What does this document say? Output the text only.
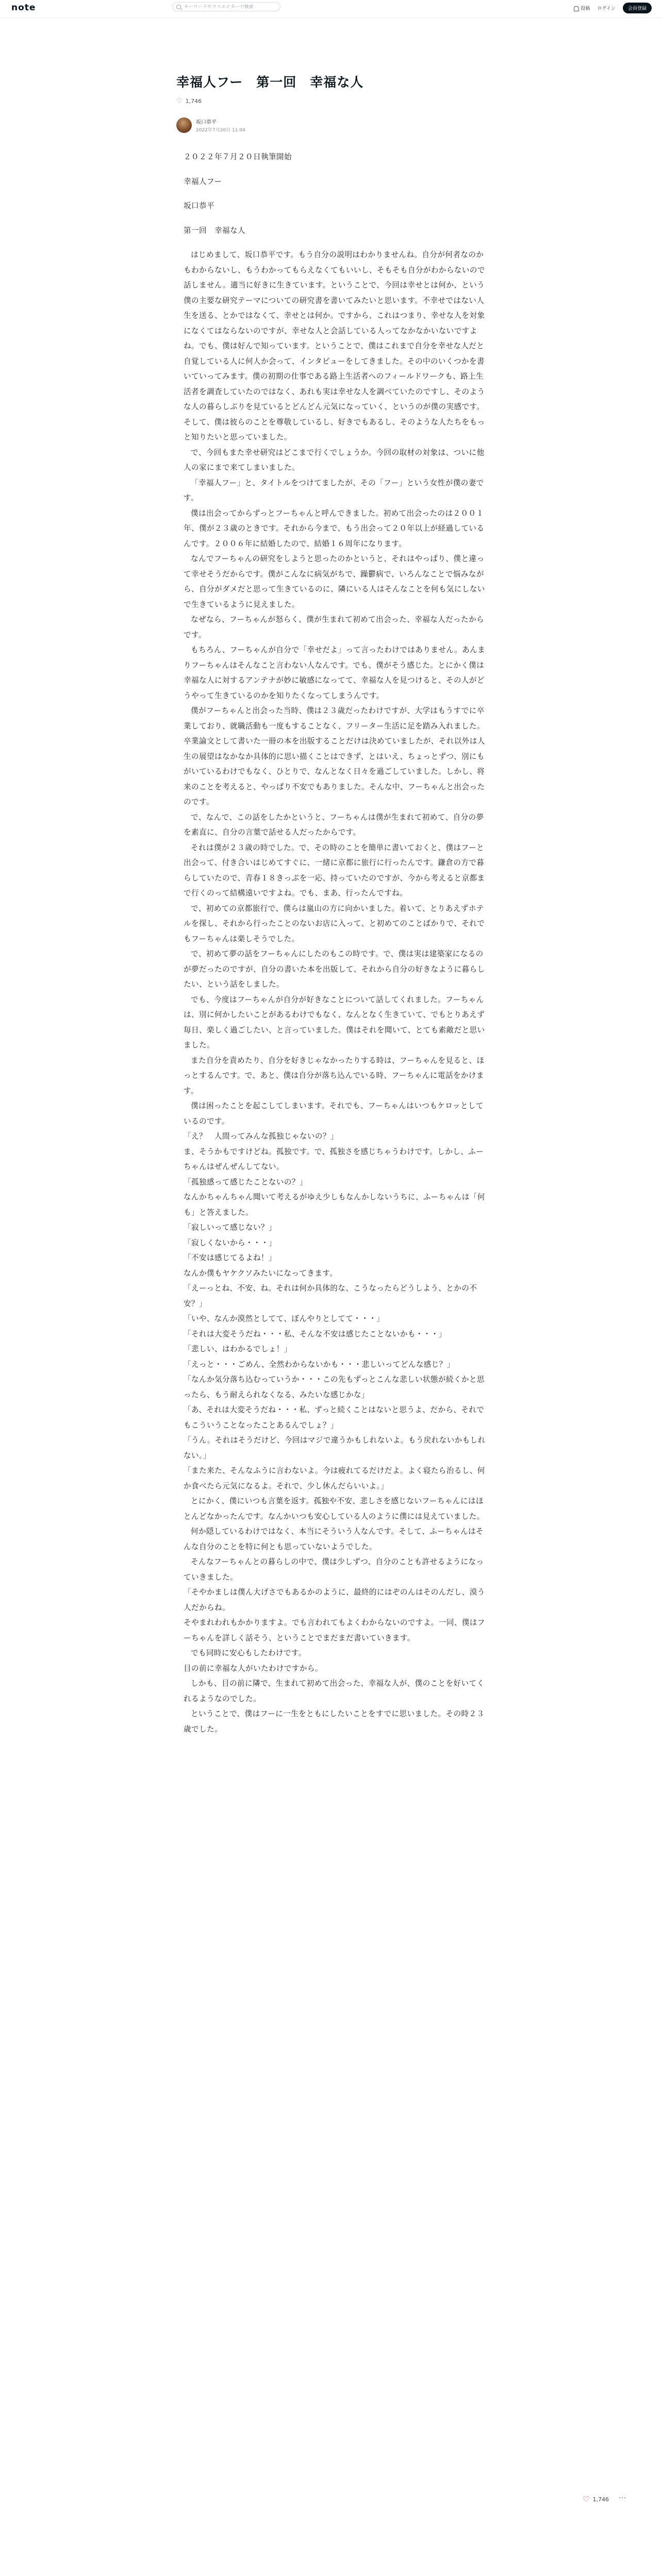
note	キーワードやクリエイターで検索	投稿 ログイン	会員登録
幸福人フー　第一回　幸福な人
♡ 1,746
坂口恭平
2022年7月20日 11:04

２０２２年７月２０日執筆開始

幸福人フー

坂口恭平

第一回　幸福な人

はじめまして、坂口恭平です。もう自分の説明はわかりませんね。自分が何者なのかもわからないし、もうわかってもらえなくてもいいし、そもそも自分がわからないので話しません。適当に好きに生きています。ということで、今回は幸せとは何か、という僕の主要な研究テーマについての研究書を書いてみたいと思います。不幸せではない人生を送る、とかではなくて、幸せとは何か。ですから、これはつまり、幸せな人を対象になくてはならないのですが、幸せな人と会話している人ってなかなかいないですよね。でも、僕は好んで知っています。ということで、僕はこれまで自分を幸せな人だと自覚している人に何人か会って、インタビューをしてきました。その中のいくつかを書いていってみます。僕の初期の仕事である路上生活者へのフィールドワークも、路上生活者を調査していたのではなく、あれも実は幸せな人を調べていたのですし、そのような人の暮らしぶりを見ているとどんどん元気になっていく、というのが僕の実感です。そして、僕は彼らのことを尊敬しているし、好きでもあるし、そのような人たちをもっと知りたいと思っていました。

で、今回もまた幸せ研究はどこまで行くでしょうか。今回の取材の対象は、ついに他人の家にまで来てしまいました。

「幸福人フー」と、タイトルをつけてましたが、その「フー」という女性が僕の妻です。

僕は出会ってからずっとフーちゃんと呼んできました。初めて出会ったのは２００１年、僕が２３歳のときです。それから今まで、もう出会って２０年以上が経過しているんです。２００６年に結婚したので、結婚１６周年になります。

なんでフーちゃんの研究をしようと思ったのかというと、それはやっぱり、僕と違って幸せそうだからです。僕がこんなに病気がちで、躁鬱病で、いろんなことで悩みながら、自分がダメだと思って生きているのに、隣にいる人はそんなことを何も気にしないで生きているように見えました。

なぜなら、フーちゃんが怒らく、僕が生まれて初めて出会った、幸福な人だったからです。

もちろん、フーちゃんが自分で「幸せだよ」って言ったわけではありません。あんまりフーちゃんはそんなこと言わない人なんです。でも、僕がそう感じた。とにかく僕は幸福な人に対するアンテナが妙に敏感になってて、幸福な人を見つけると、その人がどうやって生きているのかを知りたくなってしまうんです。

僕がフーちゃんと出会った当時、僕は２３歳だったわけですが、大学はもうすでに卒業しており、就職活動も一度もすることなく、フリーター生活に足を踏み入れました。卒業論文として書いた一冊の本を出版することだけは決めていましたが、それ以外は人生の展望はなかなか具体的に思い描くことはできず、とはいえ、ちょっとずつ、別にもがいているわけでもなく、ひとりで、なんとなく日々を過ごしていました。しかし、将来のことを考えると、やっぱり不安でもありました。そんな中、フーちゃんと出会ったのです。

で、なんで、この話をしたかというと、フーちゃんは僕が生まれて初めて、自分の夢を素直に、自分の言葉で話せる人だったからです。

それは僕が２３歳の時でした。で、その時のことを簡単に書いておくと、僕はフーと出会って、付き合いはじめてすぐに、一緒に京都に旅行に行ったんです。鎌倉の方で暮らしていたので、青春１８きっぷを一応、持っていたのですが、今から考えると京都まで行くのって結構遠いですよね。でも、まあ、行ったんですね。

で、初めての京都旅行で、僕らは嵐山の方に向かいました。着いて、とりあえずホテルを探し、それから行ったことのないお店に入って、と初めてのことばかりで、それでもフーちゃんは楽しそうでした。

で、初めて夢の話をフーちゃんにしたのもこの時です。で、僕は実は建築家になるのが夢だったのですが、自分の書いた本を出版して、それから自分の好きなように暮らしたい、という話をしました。

でも、今度はフーちゃんが自分が好きなことについて話してくれました。フーちゃんは、別に何かしたいことがあるわけでもなく、なんとなく生きていて、でもとりあえず毎日、楽しく過ごしたい、と言っていました。僕はそれを聞いて、とても素敵だと思いました。

また自分を責めたり、自分を好きじゃなかったりする時は、フーちゃんを見ると、ほっとするんです。で、あと、僕は自分が落ち込んでいる時、フーちゃんに電話をかけます。

僕は困ったことを起こしてしまいます。それでも、フーちゃんはいつもケロッとしているのです。

「え？　人間ってみんな孤独じゃないの？」

ま、そうかもですけどね。孤独です。で、孤独さを感じちゃうわけです。しかし、ふーちゃんはぜんぜんしてない。

「孤独感って感じたことないの？」

なんかちゃんちゃん聞いて考えるがゆえ少しもなんかしないうちに、ふーちゃんは「何も」と答えました。

「寂しいって感じない？」

「寂しくないから・・・」

「不安は感じてるよね！」

なんか僕もヤケクソみたいになってきます。

「えーっとね、不安、ね。それは何か具体的な、こうなったらどうしよう、とかの不安？」

「いや、なんか漠然としてて、ぼんやりとしてて・・・」

「それは大変そうだね・・・私、そんな不安は感じたことないかも・・・」

「悲しい、はわかるでしょ！」

「えっと・・・ごめん、全然わからないかも・・・悲しいってどんな感じ？」

「なんか気分落ち込むっていうか・・・この先もずっとこんな悲しい状態が続くかと思ったら、もう耐えられなくなる、みたいな感じかな」

「あ、それは大変そうだね・・・私、ずっと続くことはないと思うよ、だから、それでもこういうことなったことあるんでしょ？」

「うん。それはそうだけど、今回はマジで違うかもしれないよ。もう戻れないかもしれない。」

「また来た、そんなふうに言わないよ。今は疲れてるだけだよ。よく寝たら治るし、何か食べたら元気になるよ。それで、少し休んだらいいよ。」

とにかく、僕にいつも言葉を返す。孤独や不安、悲しさを感じないフーちゃんにはほとんどなかったんです。なんかいつも安心している人のように僕には見えていました。

何か隠しているわけではなく、本当にそういう人なんです。そして、ふーちゃんはそんな自分のことを特に何とも思っていないようでした。

そんなフーちゃんとの暮らしの中で、僕は少しずつ、自分のことも許せるようになっていきました。

「そやかましは僕ん大げさでもあるかのように、最終的にはぞのんはそのんだし、漠う人だからね。

そやまれわれもかかりますよ。でも言われてもよくわからないのですよ。一同、僕はフーちゃんを詳しく話そう、ということでまだまだ書いていきます。

でも同時に安心もしたわけです。

目の前に幸福な人がいたわけですから。

しかも、目の前に隣で、生まれて初めて出会った、幸福な人が、僕のことを好いてくれるようなのでした。

ということで、僕はフーに一生をともにしたいことをすでに思いました。その時２３歳でした。

♡ 1,746 ···
